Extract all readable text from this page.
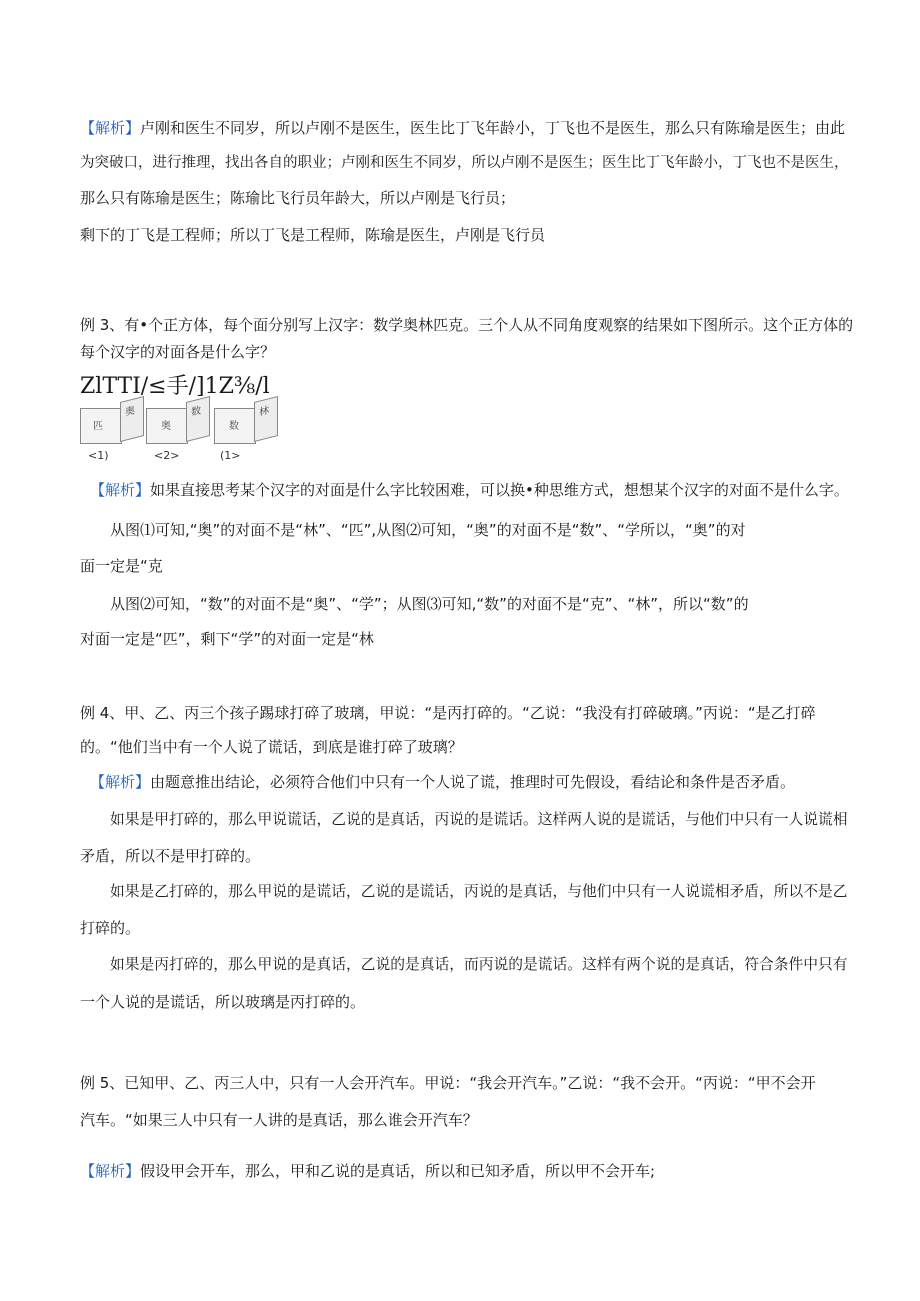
【解析】卢刚和医生不同岁，所以卢刚不是医生，医生比丁飞年龄小，丁飞也不是医生，那么只有陈瑜是医生；由此
为突破口，进行推理，找出各自的职业；卢刚和医生不同岁，所以卢刚不是医生；医生比丁飞年龄小，丁飞也不是医生，
那么只有陈瑜是医生；陈瑜比飞行员年龄大，所以卢刚是飞行员；
剩下的丁飞是工程师；所以丁飞是工程师，陈瑜是医生，卢刚是飞行员
例 3、有•个正方体，每个面分别写上汉字：数学奥林匹克。三个人从不同角度观察的结果如下图所示。这个正方体的
每个汉字的对面各是什么字？
ZlTTI/≤手/]1Z⅜/l
匹
奥
<1)
奥
数
<2>
数
林
(1>
【解析】如果直接思考某个汉字的对面是什么字比较困难，可以换•种思维方式，想想某个汉字的对面不是什么字。
从图⑴可知,“奥”的对面不是“林”、“匹”,从图⑵可知，“奥”的对面不是“数”、“学所以，“奥”的对
面一定是“克
从图⑵可知，“数”的对面不是“奥”、“学”；从图⑶可知,“数”的对面不是“克”、“林”，所以“数”的
对面一定是“匹”，剩下“学”的对面一定是“林
例 4、甲、乙、丙三个孩子踢球打碎了玻璃，甲说：“是丙打碎的。“乙说：“我没有打碎破璃。”丙说：“是乙打碎
的。“他们当中有一个人说了谎话，到底是谁打碎了玻璃？
【解析】由题意推出结论，必须符合他们中只有一个人说了谎，推理时可先假设，看结论和条件是否矛盾。
如果是甲打碎的，那么甲说谎话，乙说的是真话，丙说的是谎话。这样两人说的是谎话，与他们中只有一人说谎相
矛盾，所以不是甲打碎的。
如果是乙打碎的，那么甲说的是谎话，乙说的是谎话，丙说的是真话，与他们中只有一人说谎相矛盾，所以不是乙
打碎的。
如果是丙打碎的，那么甲说的是真话，乙说的是真话，而丙说的是谎话。这样有两个说的是真话，符合条件中只有
一个人说的是谎话，所以玻璃是丙打碎的。
例 5、已知甲、乙、丙三人中，只有一人会开汽车。甲说：“我会开汽车。”乙说：“我不会开。“丙说：“甲不会开
汽车。“如果三人中只有一人讲的是真话，那么谁会开汽车？
【解析】假设甲会开车，那么，甲和乙说的是真话，所以和已知矛盾，所以甲不会开车;
